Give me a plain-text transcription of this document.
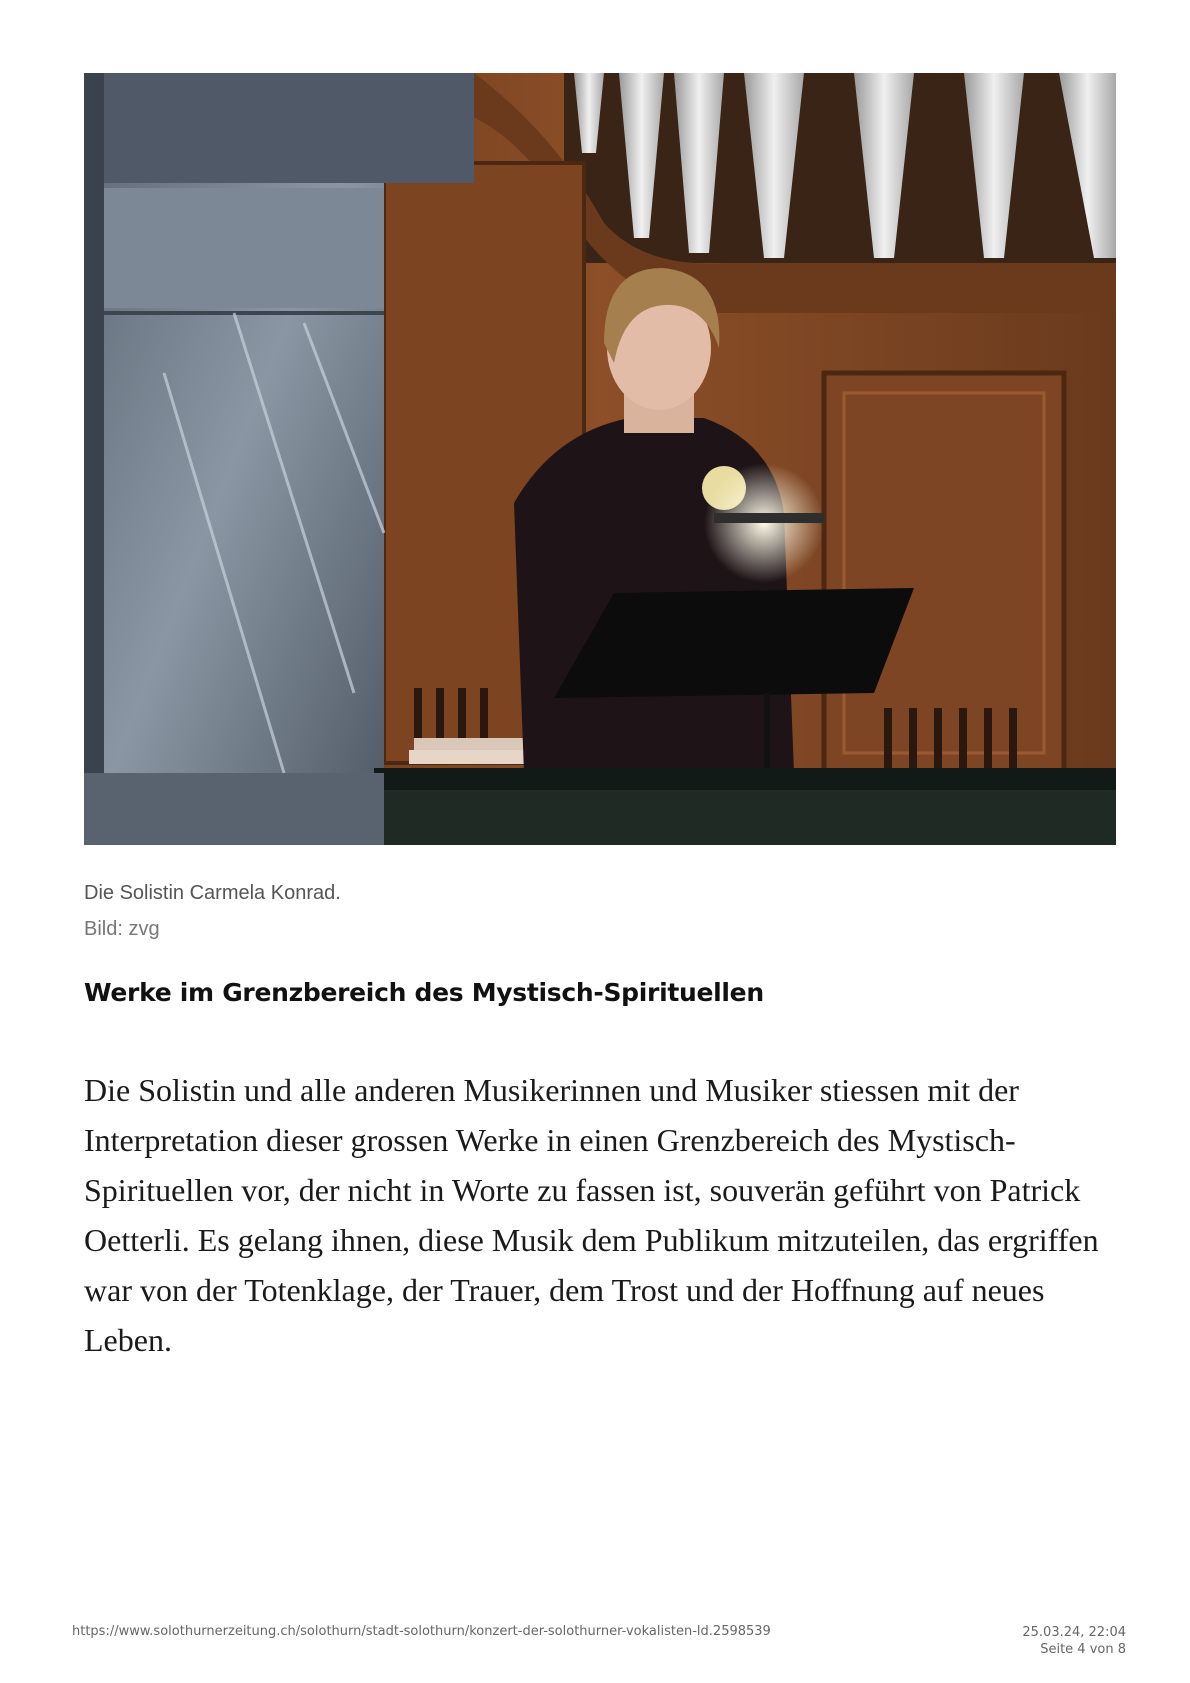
Die Solistin Carmela Konrad.
Bild: zvg
Werke im Grenzbereich des Mystisch-Spirituellen

Die Solistin und alle anderen Musikerinnen und Musiker stiessen mit der Interpretation dieser grossen Werke in einen Grenzbereich des Mystisch-Spirituellen vor, der nicht in Worte zu fassen ist, souverän geführt von Patrick Oetterli. Es gelang ihnen, diese Musik dem Publikum mitzuteilen, das ergriffen war von der Totenklage, der Trauer, dem Trost und der Hoffnung auf neues Leben.

https://www.solothurnerzeitung.ch/solothurn/stadt-solothurn/konzert-der-solothurner-vokalisten-ld.2598539	25.03.24, 22:04
Seite 4 von 8
